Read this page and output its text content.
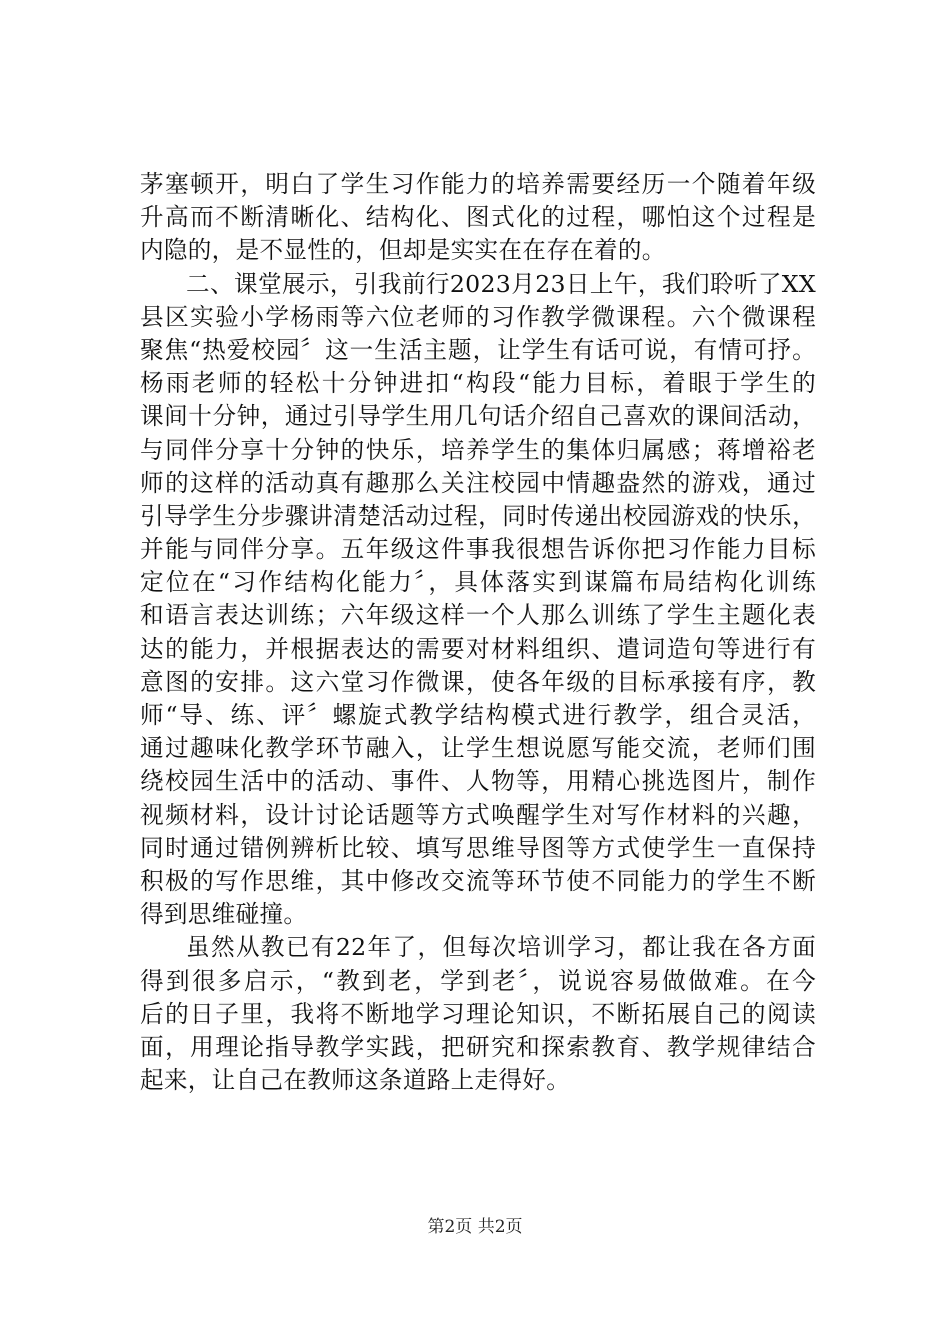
茅塞顿开，明白了学生习作能力的培养需要经历一个随着年级
升高而不断清晰化、结构化、图式化的过程，哪怕这个过程是
内隐的，是不显性的，但却是实实在在存在着的。
二、课堂展示，引我前行2023月23日上午，我们聆听了XX
县区实验小学杨雨等六位老师的习作教学微课程。六个微课程
聚焦“热爱校园〞这一生活主题，让学生有话可说，有情可抒。
杨雨老师的轻松十分钟进扣“构段“能力目标，着眼于学生的
课间十分钟，通过引导学生用几句话介绍自己喜欢的课间活动，
与同伴分享十分钟的快乐，培养学生的集体归属感；蒋增裕老
师的这样的活动真有趣那么关注校园中情趣盎然的游戏，通过
引导学生分步骤讲清楚活动过程，同时传递出校园游戏的快乐，
并能与同伴分享。五年级这件事我很想告诉你把习作能力目标
定位在“习作结构化能力〞，具体落实到谋篇布局结构化训练
和语言表达训练；六年级这样一个人那么训练了学生主题化表
达的能力，并根据表达的需要对材料组织、遣词造句等进行有
意图的安排。这六堂习作微课，使各年级的目标承接有序，教
师“导、练、评〞螺旋式教学结构模式进行教学，组合灵活，
通过趣味化教学环节融入，让学生想说愿写能交流，老师们围
绕校园生活中的活动、事件、人物等，用精心挑选图片，制作
视频材料，设计讨论话题等方式唤醒学生对写作材料的兴趣，
同时通过错例辨析比较、填写思维导图等方式使学生一直保持
积极的写作思维，其中修改交流等环节使不同能力的学生不断
得到思维碰撞。
虽然从教已有22年了，但每次培训学习，都让我在各方面
得到很多启示，“教到老，学到老〞，说说容易做做难。在今
后的日子里，我将不断地学习理论知识，不断拓展自己的阅读
面，用理论指导教学实践，把研究和探索教育、教学规律结合
起来，让自己在教师这条道路上走得好。
第2页 共2页
